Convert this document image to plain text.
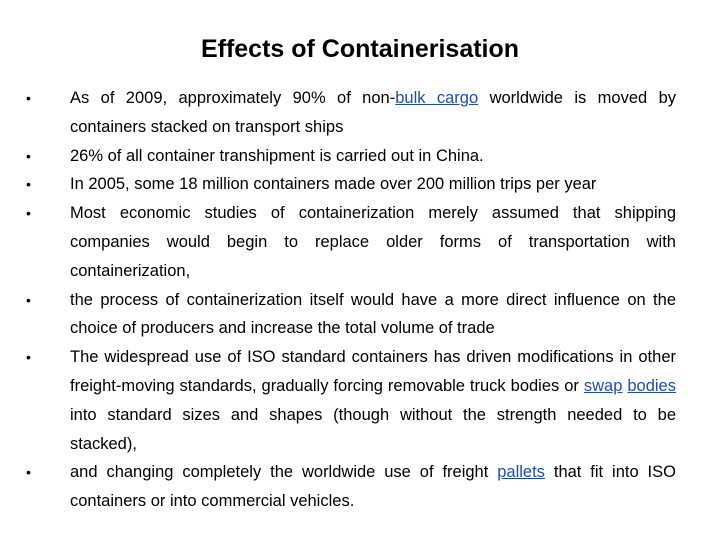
Effects of Containerisation
• As of 2009, approximately 90% of non-bulk cargo worldwide is moved by containers stacked on transport ships
• 26% of all container transhipment is carried out in China.
• In 2005, some 18 million containers made over 200 million trips per year
• Most economic studies of containerization merely assumed that shipping companies would begin to replace older forms of transportation with containerization,
• the process of containerization itself would have a more direct influence on the choice of producers and increase the total volume of trade
• The widespread use of ISO standard containers has driven modifications in other freight-moving standards, gradually forcing removable truck bodies or swap bodies into standard sizes and shapes (though without the strength needed to be stacked),
• and changing completely the worldwide use of freight pallets that fit into ISO containers or into commercial vehicles.
